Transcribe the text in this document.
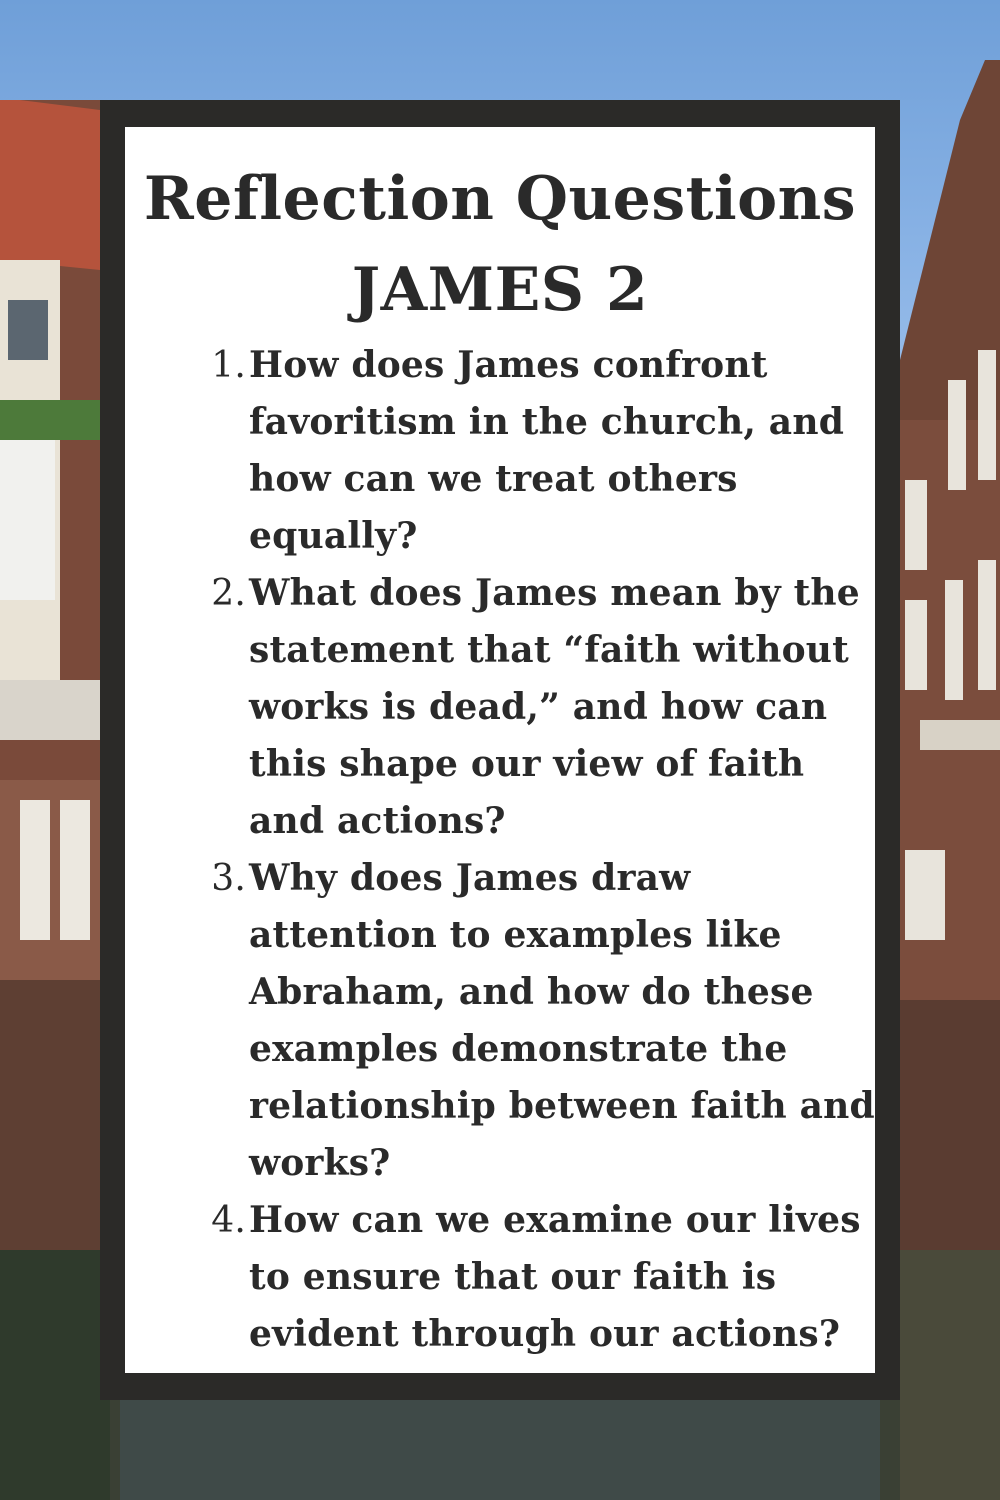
Reflection Questions
JAMES 2
1. How does James confront favoritism in the church, and how can we treat others equally?
2. What does James mean by the statement that “faith without works is dead,” and how can this shape our view of faith and actions?
3. Why does James draw attention to examples like Abraham, and how do these examples demonstrate the relationship between faith and works?
4. How can we examine our lives to ensure that our faith is evident through our actions?
